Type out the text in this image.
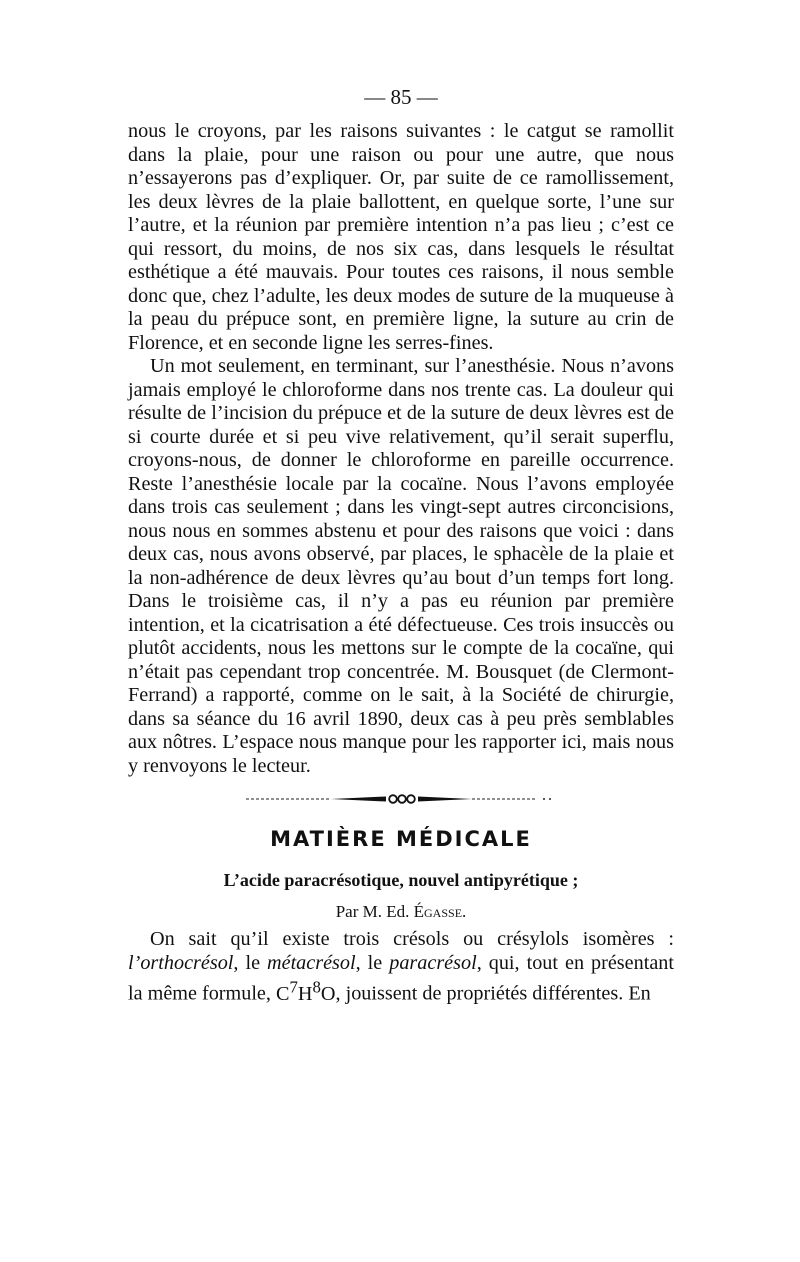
— 85 —

nous le croyons, par les raisons suivantes : le catgut se ramollit dans la plaie, pour une raison ou pour une autre, que nous n’essayerons pas d’expliquer. Or, par suite de ce ramollissement, les deux lèvres de la plaie ballottent, en quelque sorte, l’une sur l’autre, et la réunion par première intention n’a pas lieu ; c’est ce qui ressort, du moins, de nos six cas, dans lesquels le résultat esthétique a été mauvais. Pour toutes ces raisons, il nous semble donc que, chez l’adulte, les deux modes de suture de la muqueuse à la peau du prépuce sont, en première ligne, la suture au crin de Florence, et en seconde ligne les serres-fines.

Un mot seulement, en terminant, sur l’anesthésie. Nous n’avons jamais employé le chloroforme dans nos trente cas. La douleur qui résulte de l’incision du prépuce et de la suture de deux lèvres est de si courte durée et si peu vive relativement, qu’il serait superflu, croyons-nous, de donner le chloroforme en pareille occurrence. Reste l’anesthésie locale par la cocaïne. Nous l’avons employée dans trois cas seulement ; dans les vingt-sept autres circoncisions, nous nous en sommes abstenu et pour des raisons que voici : dans deux cas, nous avons observé, par places, le sphacèle de la plaie et la non-adhérence de deux lèvres qu’au bout d’un temps fort long. Dans le troisième cas, il n’y a pas eu réunion par première intention, et la cicatrisation a été défectueuse. Ces trois insuccès ou plutôt accidents, nous les mettons sur le compte de la cocaïne, qui n’était pas cependant trop concentrée. M. Bousquet (de Clermont-Ferrand) a rapporté, comme on le sait, à la Société de chirurgie, dans sa séance du 16 avril 1890, deux cas à peu près semblables aux nôtres. L’espace nous manque pour les rapporter ici, mais nous y renvoyons le lecteur.

MATIÈRE MÉDICALE
L’acide paracrésotique, nouvel antipyrétique ;
Par M. Ed. Égasse.

On sait qu’il existe trois crésols ou crésylols isomères : l’orthocrésol, le métacrésol, le paracrésol, qui, tout en présentant la même formule, $C^7H^8O$, jouissent de propriétés différentes. En
